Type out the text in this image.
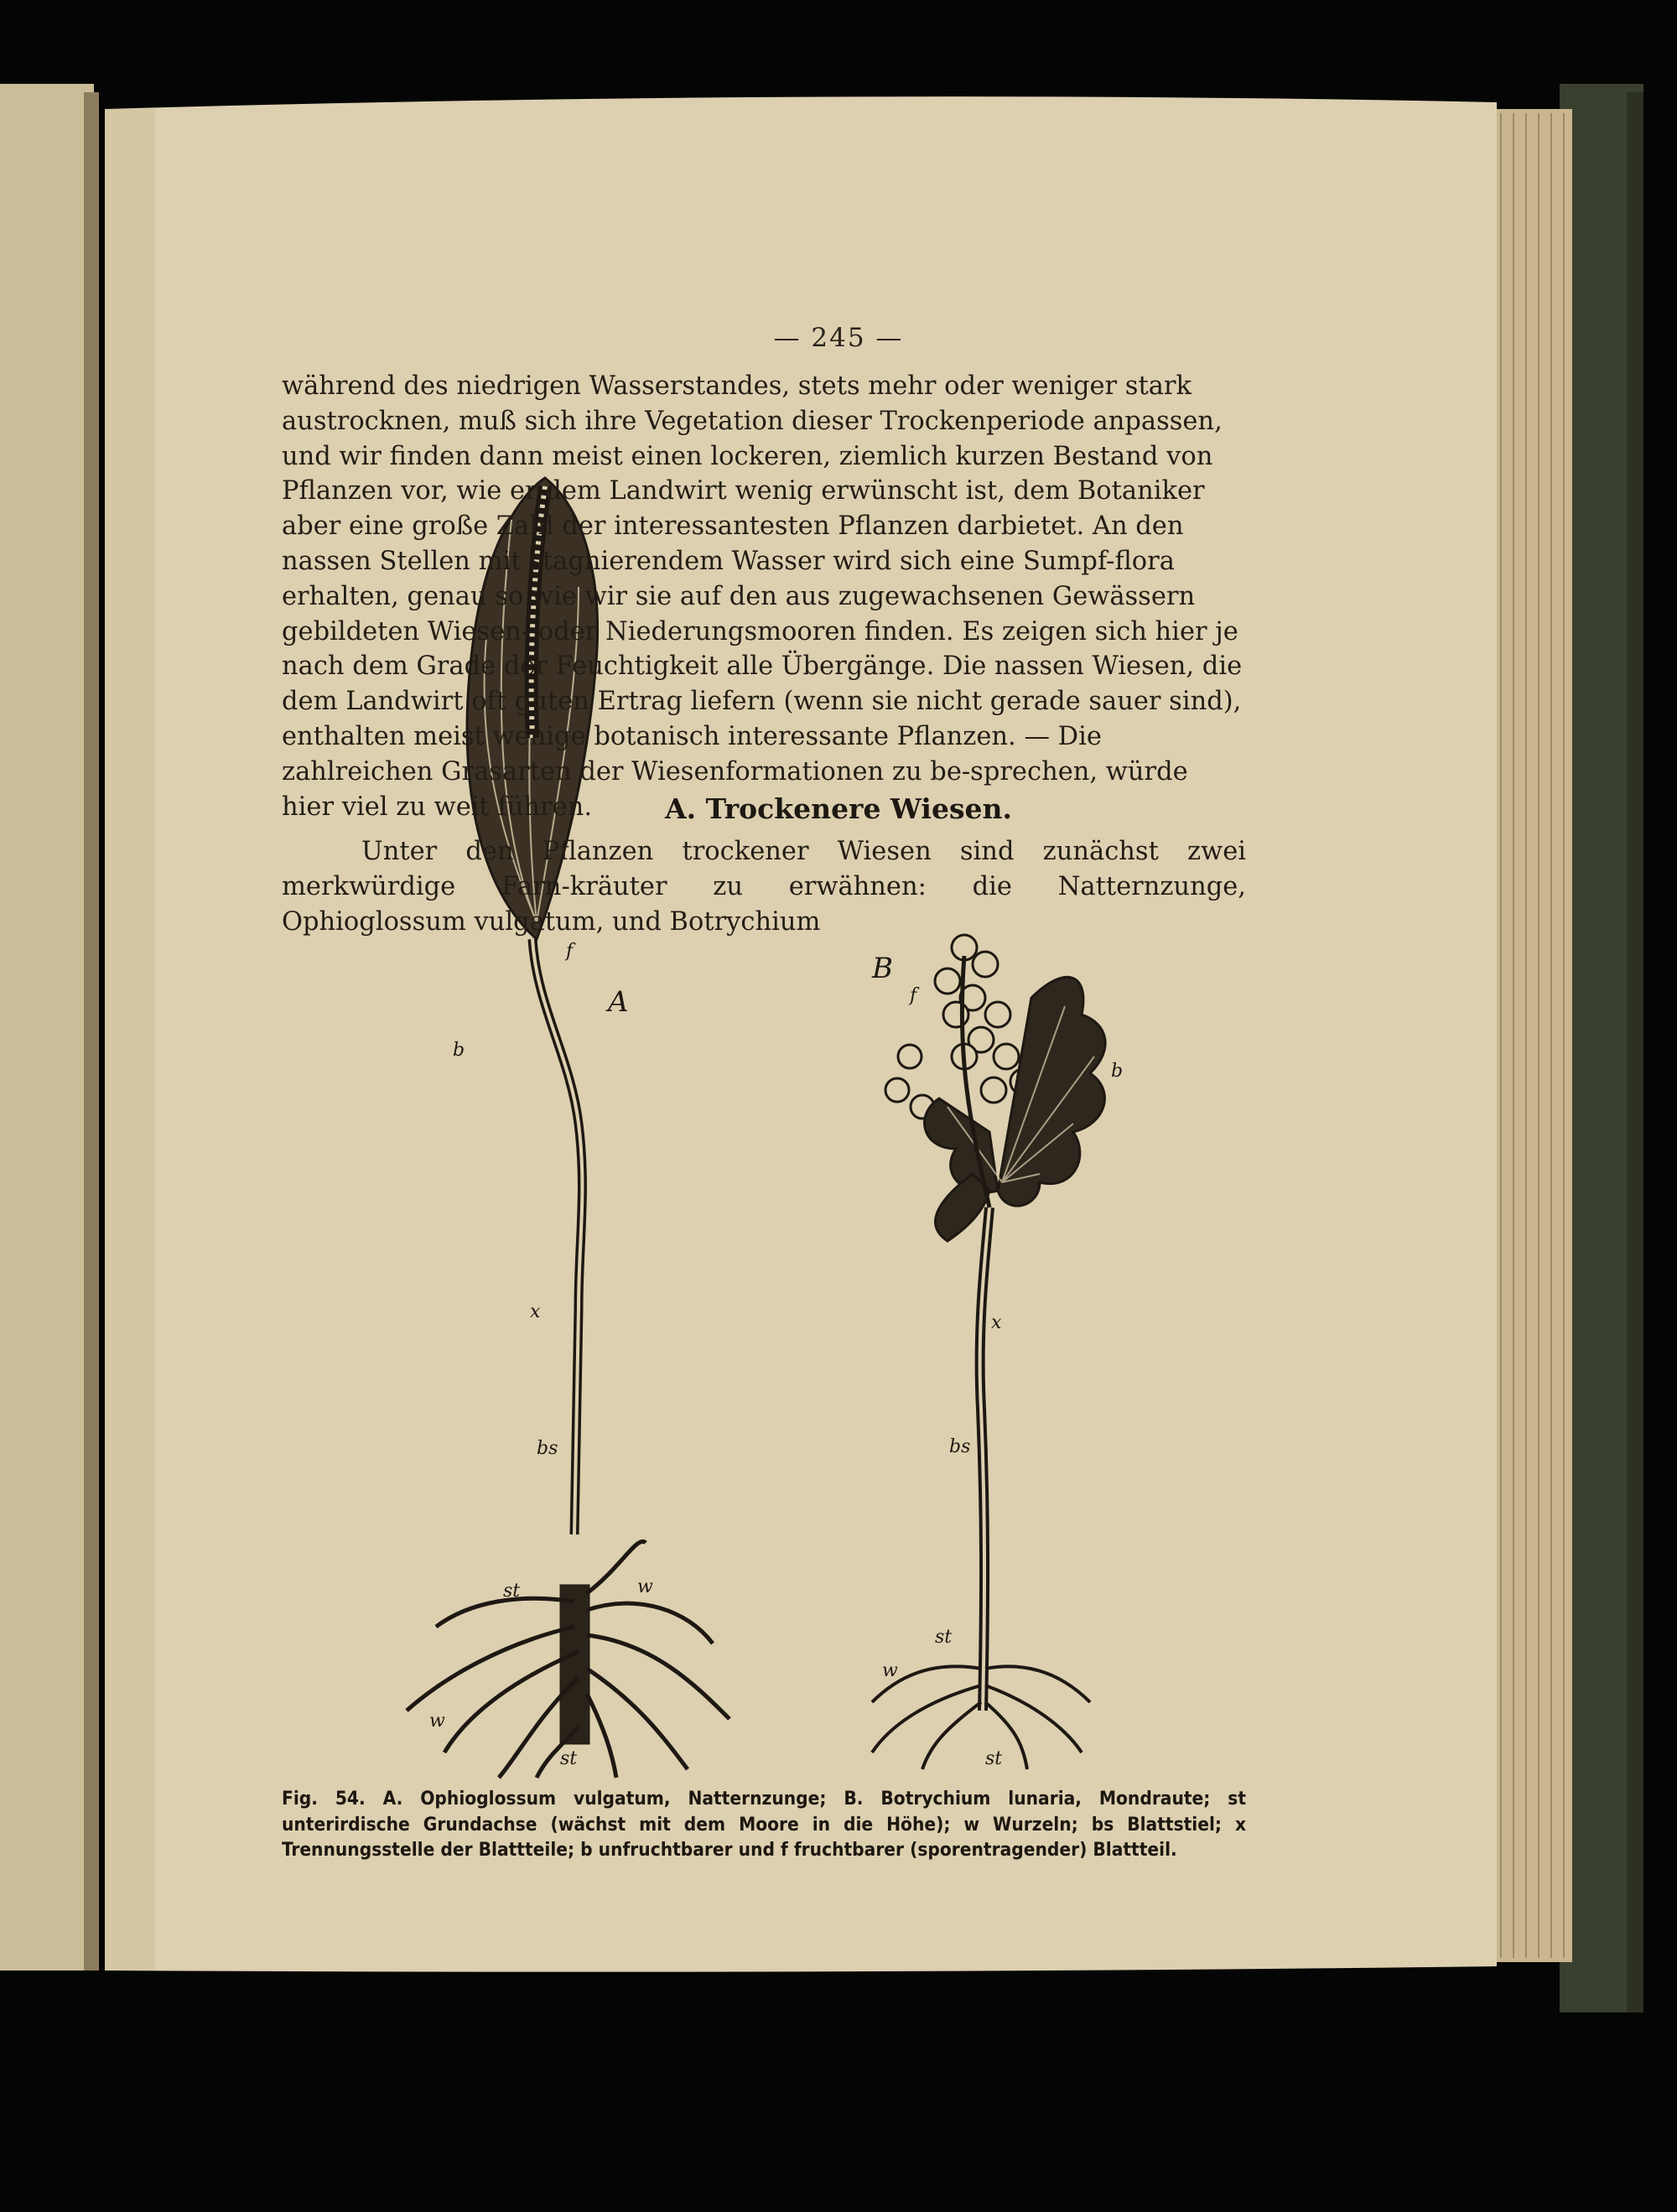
— 245 —

während des niedrigen Wasserstandes, stets mehr oder weniger stark austrocknen, muß sich ihre Vegetation dieser Trockenperiode anpassen, und wir finden dann meist einen lockeren, ziemlich kurzen Bestand von Pflanzen vor, wie er dem Landwirt wenig erwünscht ist, dem Botaniker aber eine große Zahl der interessantesten Pflanzen darbietet. An den nassen Stellen mit stagnierendem Wasser wird sich eine Sumpf-flora erhalten, genau so wie wir sie auf den aus zugewachsenen Gewässern gebildeten Wiesen- oder Niederungsmooren finden. Es zeigen sich hier je nach dem Grade der Feuchtigkeit alle Übergänge. Die nassen Wiesen, die dem Landwirt oft guten Ertrag liefern (wenn sie nicht gerade sauer sind), enthalten meist wenige botanisch interessante Pflanzen. — Die zahlreichen Grasarten der Wiesenformationen zu be-sprechen, würde hier viel zu weit führen.	A. Trockenere Wiesen.

Unter den Pflanzen trockener Wiesen sind zunächst zwei merkwürdige Farn-kräuter zu erwähnen: die Natternzunge, Ophioglossum vulgatum, und Botrychium

A
B
f
b
x
bs
st	w
w
st
f
b
x
bs
st
w
st

Fig. 54. A. Ophioglossum vulgatum, Natternzunge; B. Botrychium lunaria, Mondraute; st unterirdische Grundachse (wächst mit dem Moore in die Höhe); w Wurzeln; bs Blattstiel; x Trennungsstelle der Blattteile; b unfruchtbarer und f fruchtbarer (sporentragender) Blattteil.
